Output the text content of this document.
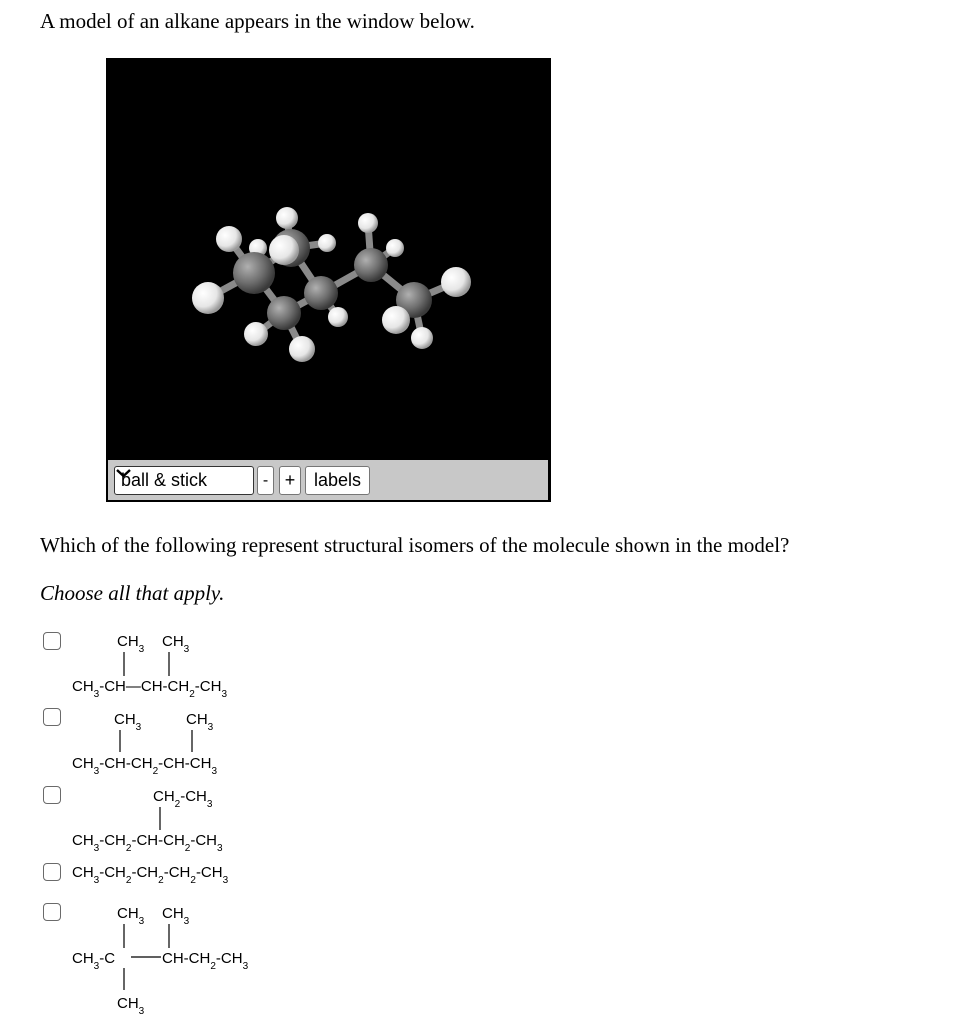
A model of an alkane appears in the window below.

ball & stick	- +	labels

Which of the following represent structural isomers of the molecule shown in the model?

Choose all that apply.

$CH_3$ $CH_3$
$CH_3-CH—CH-CH_2-CH_3$
$CH_3$	$CH_3$
$CH_3-CH-CH_2-CH-CH_3$
$CH_2-CH_3$
$CH_3-CH_2-CH-CH_2-CH_3$
$CH_3-CH_2-CH_2-CH_2-CH_3$
$CH_3$ $CH_3$
$CH_3-C$	$CH-CH_2-CH_3$
$CH_3$
